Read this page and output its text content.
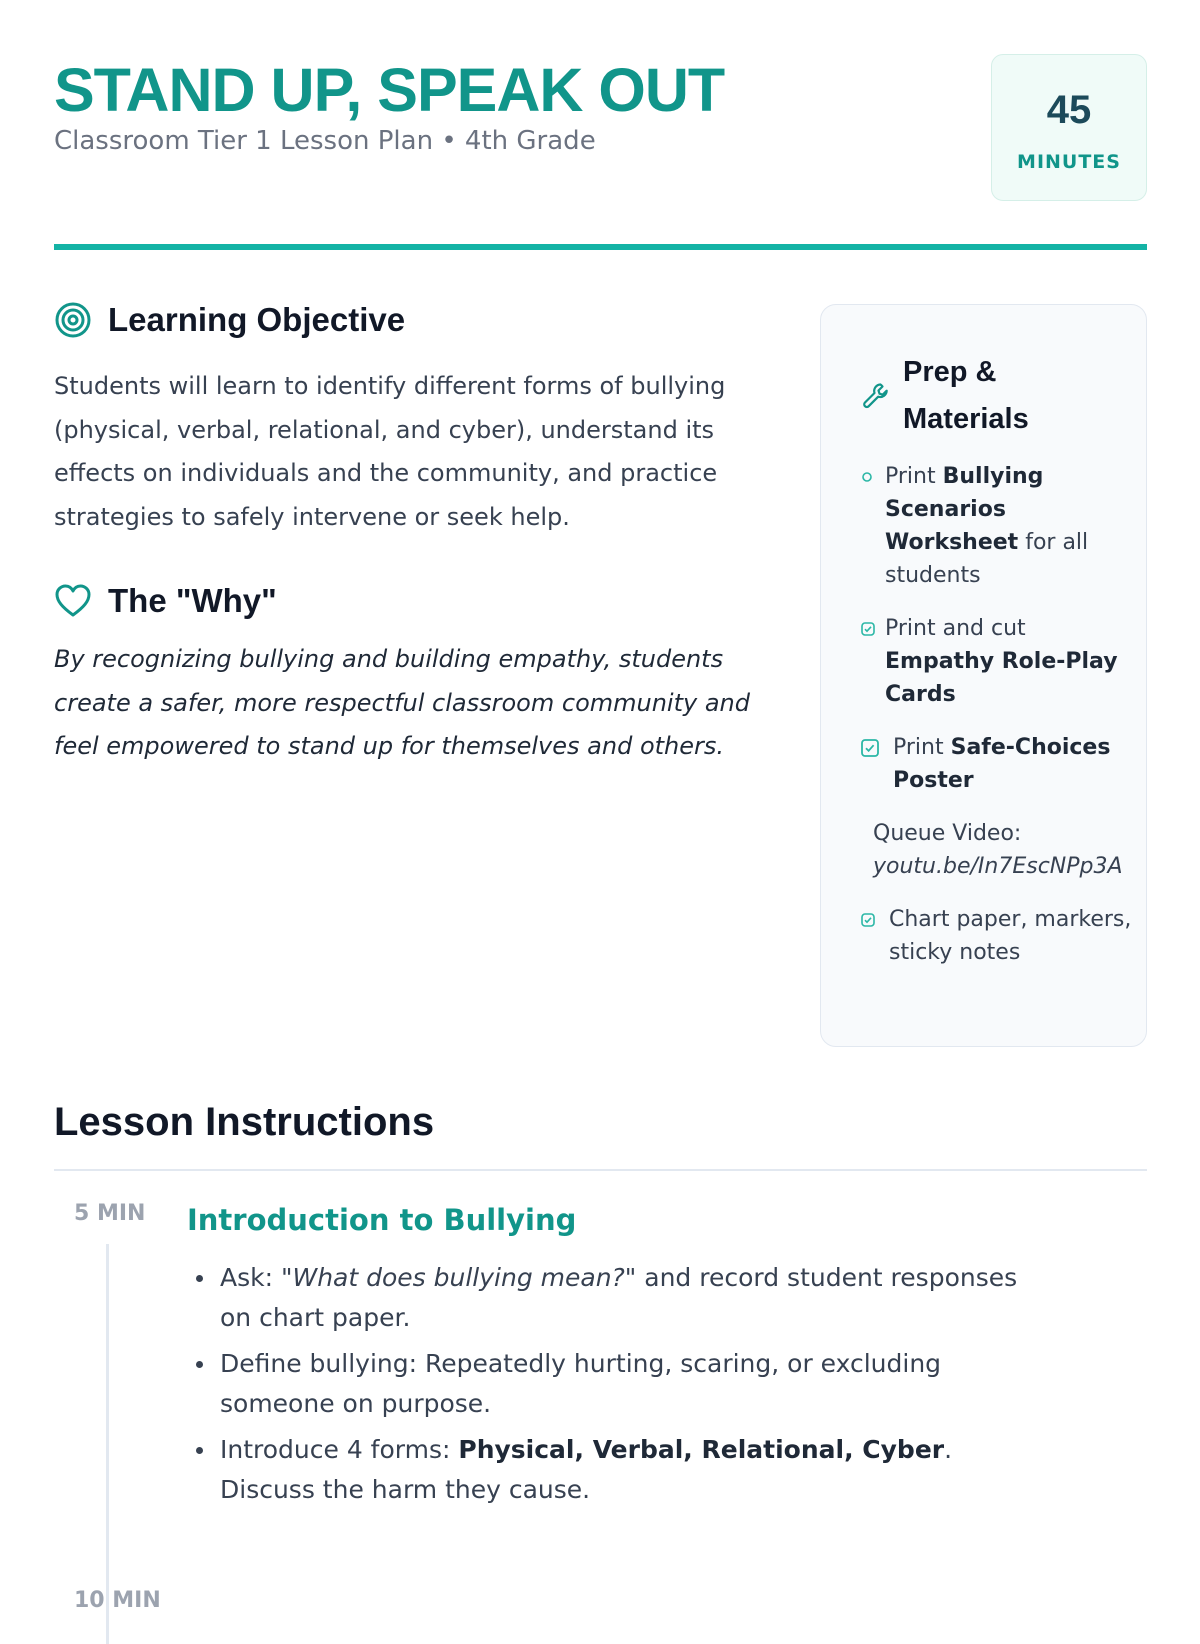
STAND UP, SPEAK OUT
Classroom Tier 1 Lesson Plan • 4th Grade
45
MINUTES
Learning Objective
Students will learn to identify different forms of bullying (physical, verbal, relational, and cyber), understand its effects on individuals and the community, and practice strategies to safely intervene or seek help.
The "Why"
By recognizing bullying and building empathy, students create a safer, more respectful classroom community and feel empowered to stand up for themselves and others.
Prep & Materials
Print Bullying Scenarios Worksheet for all students
Print and cut Empathy Role-Play Cards
Print Safe-Choices Poster
Queue Video:
youtu.be/In7EscNPp3A
Chart paper, markers, sticky notes
Lesson Instructions
5 MIN Introduction to Bullying
Ask: "What does bullying mean?" and record student responses on chart paper.
Define bullying: Repeatedly hurting, scaring, or excluding someone on purpose.
Introduce 4 forms: Physical, Verbal, Relational, Cyber. Discuss the harm they cause.
10 MIN
